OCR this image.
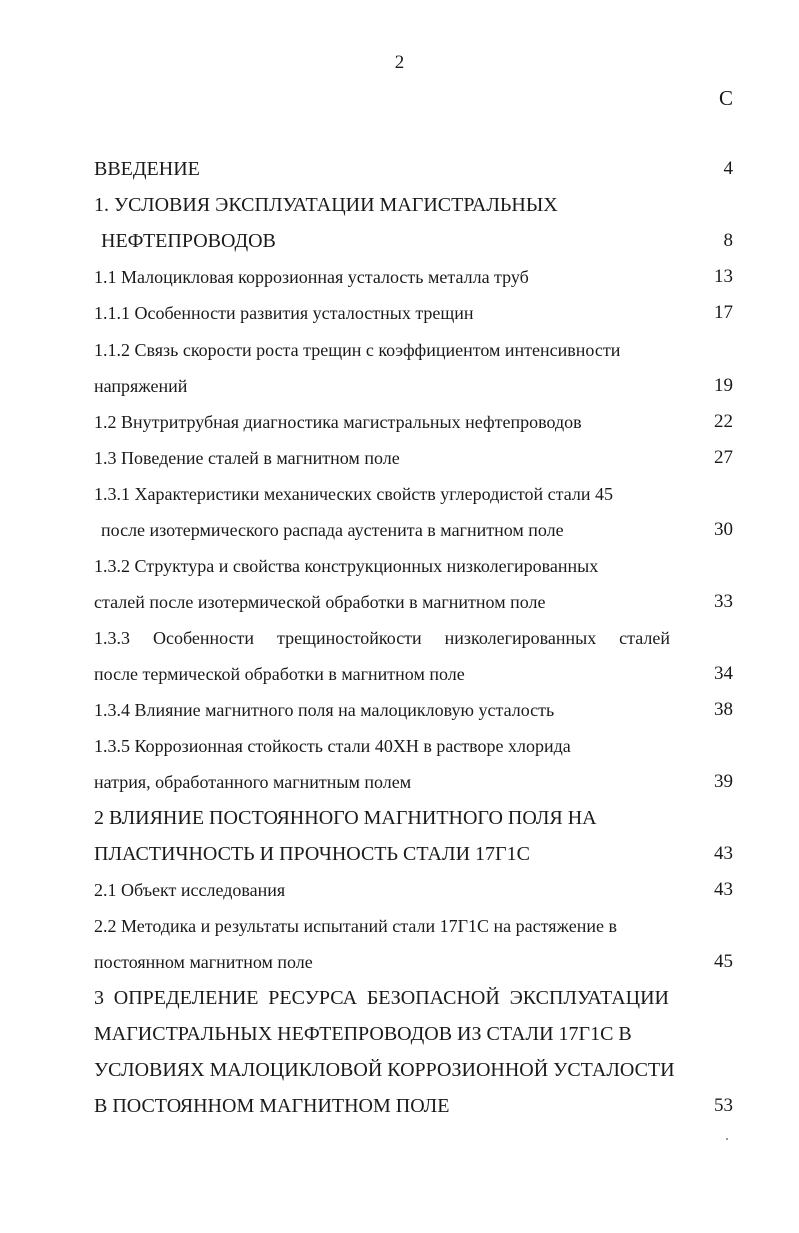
2
С
ВВЕДЕНИЕ	4
1. УСЛОВИЯ ЭКСПЛУАТАЦИИ МАГИСТРАЛЬНЫХ
НЕФТЕПРОВОДОВ	8
1.1 Малоцикловая коррозионная усталость металла труб	13
1.1.1 Особенности развития усталостных трещин	17
1.1.2 Связь скорости роста трещин с коэффициентом интенсивности
напряжений	19
1.2 Внутритрубная диагностика магистральных нефтепроводов	22
1.3 Поведение сталей в магнитном поле	27
1.3.1 Характеристики механических свойств углеродистой стали 45
после изотермического распада аустенита в магнитном поле	30
1.3.2 Структура и свойства конструкционных низколегированных
сталей после изотермической обработки в магнитном поле	33
1.3.3 Особенности трещиностойкости низколегированных сталей
после термической обработки в магнитном поле	34
1.3.4 Влияние магнитного поля на малоцикловую усталость	38
1.3.5 Коррозионная стойкость стали 40ХН в растворе хлорида
натрия, обработанного магнитным полем	39
2 ВЛИЯНИЕ ПОСТОЯННОГО МАГНИТНОГО ПОЛЯ НА
ПЛАСТИЧНОСТЬ И ПРОЧНОСТЬ СТАЛИ 17Г1С	43
2.1 Объект исследования	43
2.2 Методика и результаты испытаний стали 17Г1С на растяжение в
постоянном магнитном поле	45
3 ОПРЕДЕЛЕНИЕ РЕСУРСА БЕЗОПАСНОЙ ЭКСПЛУАТАЦИИ
МАГИСТРАЛЬНЫХ НЕФТЕПРОВОДОВ ИЗ СТАЛИ 17Г1С В
УСЛОВИЯХ МАЛОЦИКЛОВОЙ КОРРОЗИОННОЙ УСТАЛОСТИ
В ПОСТОЯННОМ МАГНИТНОМ ПОЛЕ	53
